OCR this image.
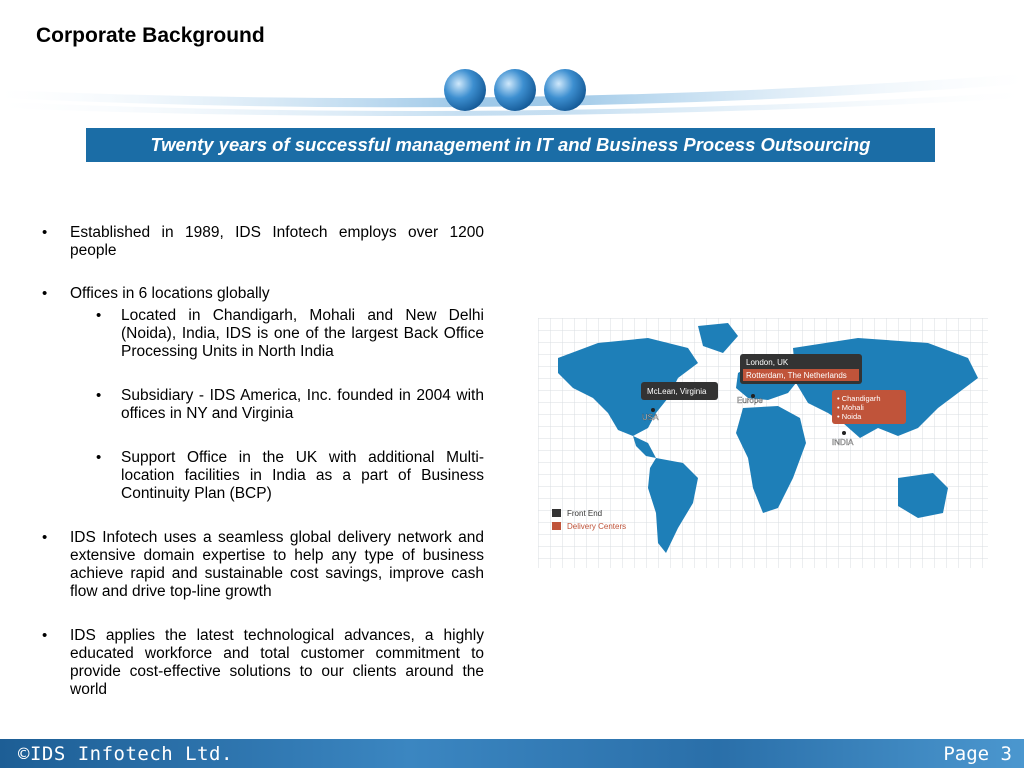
Corporate Background
Twenty years of successful management in IT and Business Process Outsourcing
• Established in 1989, IDS Infotech employs over 1200 people
• Offices in 6 locations globally
• Located in Chandigarh, Mohali and New Delhi (Noida), India, IDS is one of the largest Back Office Processing Units in North India
• Subsidiary - IDS America, Inc. founded in 2004 with offices in NY and Virginia
• Support Office in the UK with additional Multi-location facilities in India as a part of Business Continuity Plan (BCP)
• IDS Infotech uses a seamless global delivery network and extensive domain expertise to help any type of business achieve rapid and sustainable cost savings, improve cash flow and drive top-line growth
• IDS applies the latest technological advances, a highly educated workforce and total customer commitment to provide cost-effective solutions to our clients around the world
London, UK
Rotterdam, The Netherlands
McLean, Virginia
• Chandigarh
• Mohali
• Noida
USA
Europe
INDIA
Front End
Delivery Centers
©IDS Infotech Ltd.	Page 3
